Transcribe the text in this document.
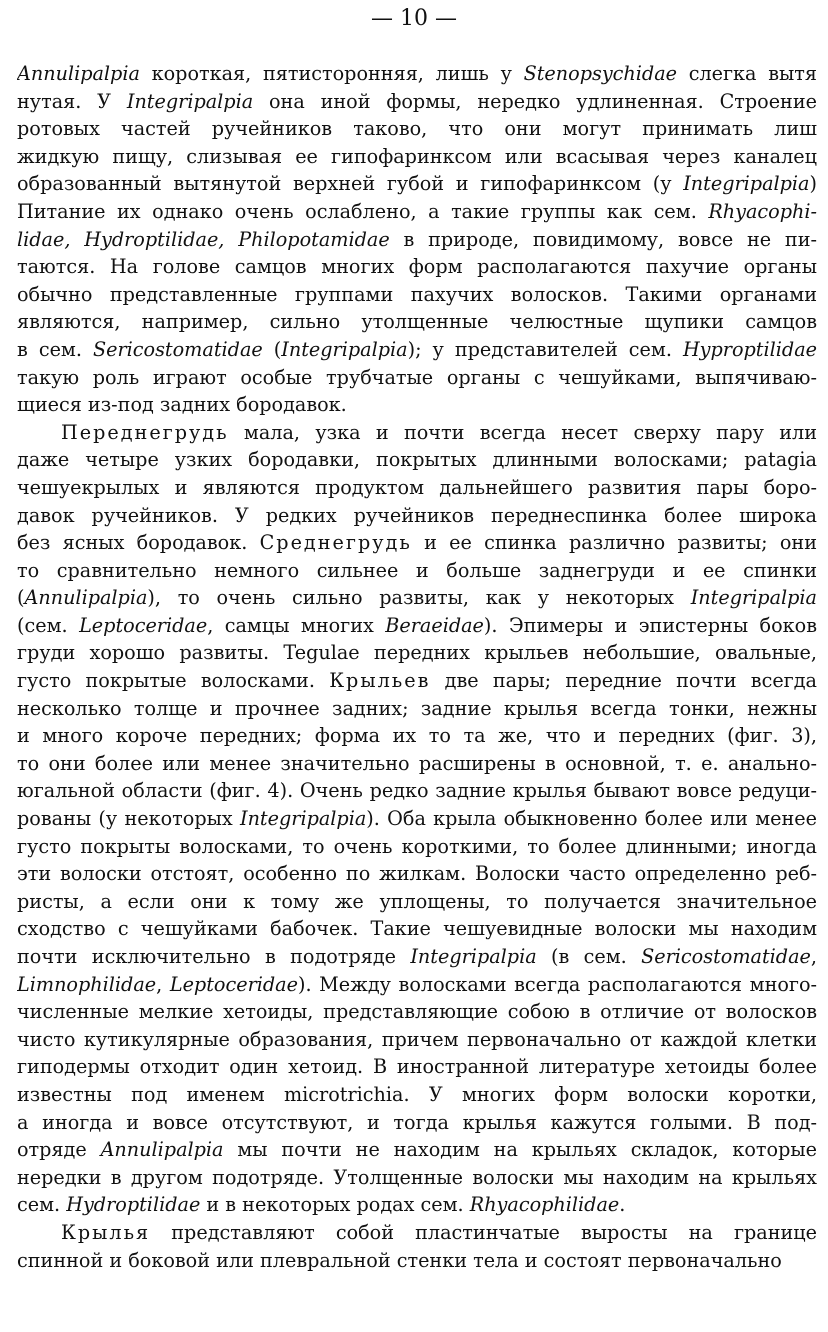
— 10 —
Annulipalpia короткая, пятисторонняя, лишь у Stenopsychidae слегка вытя
нутая. У Integripalpia она иной формы, нередко удлиненная. Строение
ротовых частей ручейников таково, что они могут принимать лиш
жидкую пищу, слизывая ее гипофаринксом или всасывая через каналец
образованный вытянутой верхней губой и гипофаринксом (у Integripalpia)
Питание их однако очень ослаблено, а такие группы как сем. Rhyacophi-
lidae, Hydroptilidae, Philopotamidae в природе, повидимому, вовсе не пи-
таются. На голове самцов многих форм располагаются пахучие органы
обычно представленные группами пахучих волосков. Такими органами
являются, например, сильно утолщенные челюстные щупики самцов
в сем. Sericostomatidae (Integripalpia); у представителей сем. Hyproptilidae
такую роль играют особые трубчатые органы с чешуйками, выпячиваю-
щиеся из-под задних бородавок.
Переднегрудь мала, узка и почти всегда несет сверху пару или
даже четыре узких бородавки, покрытых длинными волосками; patagia
чешуекрылых и являются продуктом дальнейшего развития пары боро-
давок ручейников. У редких ручейников переднеспинка более широка
без ясных бородавок. Среднегрудь и ее спинка различно развиты; они
то сравнительно немного сильнее и больше заднегруди и ее спинки
(Annulipalpia), то очень сильно развиты, как у некоторых Integripalpia
(сем. Leptoceridae, самцы многих Beraeidae). Эпимеры и эпистерны боков
груди хорошо развиты. Tegulae передних крыльев небольшие, овальные,
густо покрытые волосками. Крыльев две пары; передние почти всегда
несколько толще и прочнее задних; задние крылья всегда тонки, нежны
и много короче передних; форма их то та же, что и передних (фиг. 3),
то они более или менее значительно расширены в основной, т. е. анально-
югальной области (фиг. 4). Очень редко задние крылья бывают вовсе редуци-
рованы (у некоторых Integripalpia). Оба крыла обыкновенно более или менее
густо покрыты волосками, то очень короткими, то более длинными; иногда
эти волоски отстоят, особенно по жилкам. Волоски часто определенно реб-
ристы, а если они к тому же уплощены, то получается значительное
сходство с чешуйками бабочек. Такие чешуевидные волоски мы находим
почти исключительно в подотряде Integripalpia (в сем. Sericostomatidae,
Limnophilidae, Leptoceridae). Между волосками всегда располагаются много-
численные мелкие хетоиды, представляющие собою в отличие от волосков
чисто кутикулярные образования, причем первоначально от каждой клетки
гиподермы отходит один хетоид. В иностранной литературе хетоиды более
известны под именем microtrichia. У многих форм волоски коротки,
а иногда и вовсе отсутствуют, и тогда крылья кажутся голыми. В под-
отряде Annulipalpia мы почти не находим на крыльях складок, которые
нередки в другом подотряде. Утолщенные волоски мы находим на крыльях
сем. Hydroptilidae и в некоторых родах сем. Rhyacophilidae.
Крылья представляют собой пластинчатые выросты на границе
спинной и боковой или плевральной стенки тела и состоят первоначально
